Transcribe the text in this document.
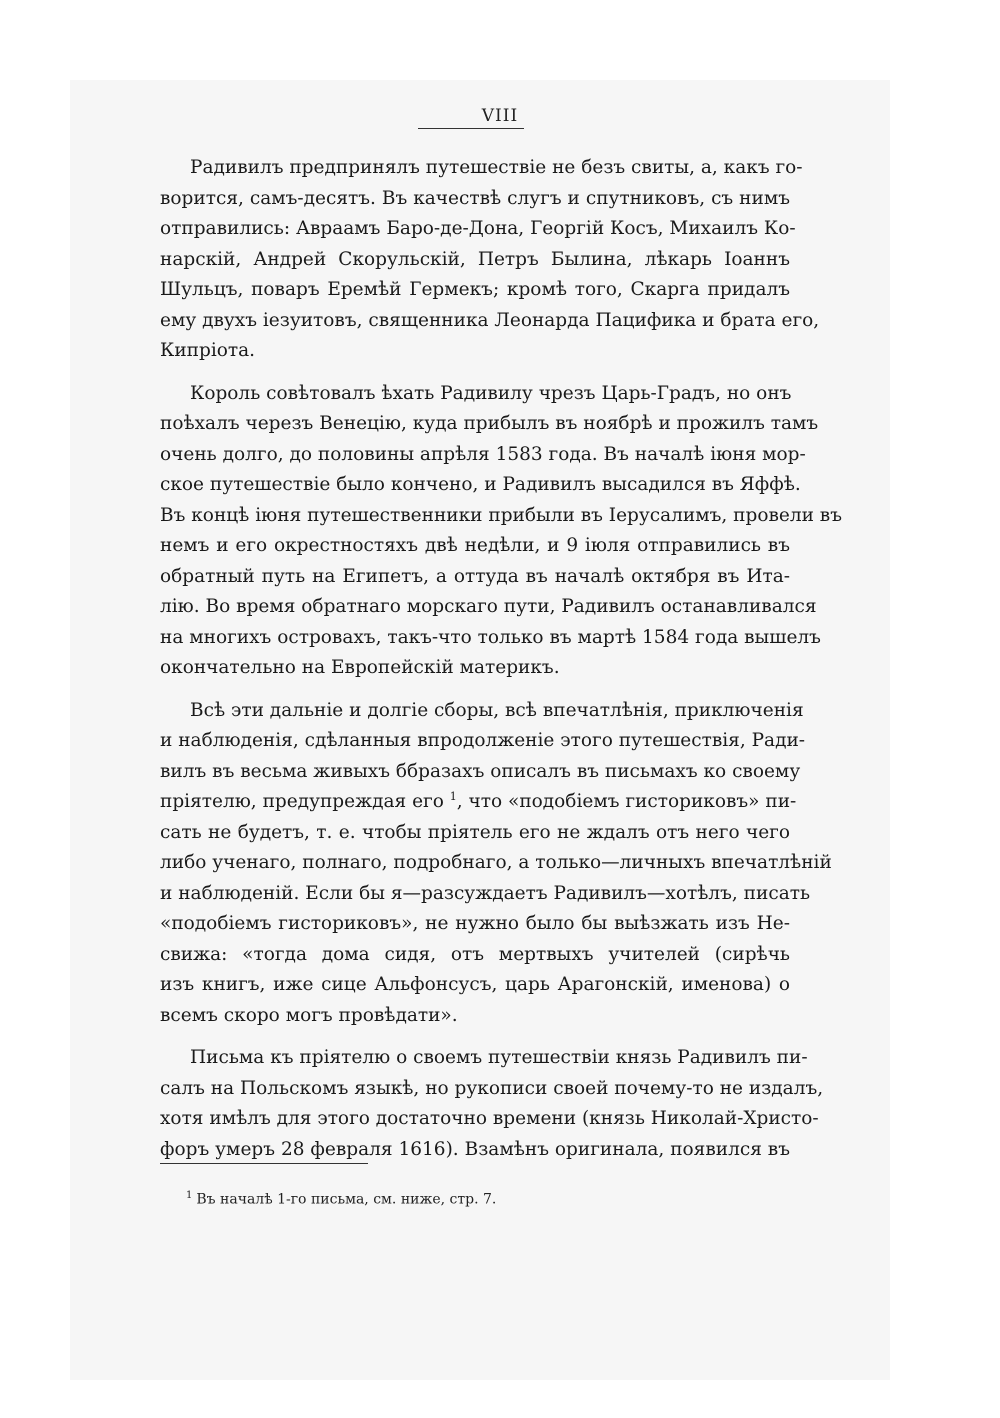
VIII
Радивилъ предпринялъ путешествіе не безъ свиты, а, какъ го-
ворится, самъ-десятъ. Въ качествѣ слугъ и спутниковъ, съ нимъ
отправились: Авраамъ Баро-де-Дона, Георгій Косъ, Михаилъ Ко-
нарскій, Андрей Скорульскій, Петръ Былина, лѣкарь Іоаннъ
Шульцъ, поваръ Еремѣй Гермекъ; кромѣ того, Скарга придалъ
ему двухъ іезуитовъ, священника Леонарда Пацифика и брата его,
Кипріота.
Король совѣтовалъ ѣхать Радивилу чрезъ Царь-Градъ, но онъ
поѣхалъ черезъ Венецію, куда прибылъ въ ноябрѣ и прожилъ тамъ
очень долго, до половины апрѣля 1583 года. Въ началѣ іюня мор-
ское путешествіе было кончено, и Радивилъ высадился въ Яффѣ.
Въ концѣ іюня путешественники прибыли въ Іерусалимъ, провели въ
немъ и его окрестностяхъ двѣ недѣли, и 9 іюля отправились въ
обратный путь на Египетъ, а оттуда въ началѣ октября въ Ита-
лію. Во время обратнаго морскаго пути, Радивилъ останавливался
на многихъ островахъ, такъ-что только въ мартѣ 1584 года вышелъ
окончательно на Европейскій материкъ.
Всѣ эти дальніе и долгіе сборы, всѣ впечатлѣнія, приключенія
и наблюденія, сдѣланныя впродолженіе этого путешествія, Ради-
вилъ въ весьма живыхъ ббразахъ описалъ въ письмахъ ко своему
пріятелю, предупреждая его $^1$, что «подобіемъ гисториковъ» пи-
сать не будетъ, т. е. чтобы пріятель его не ждалъ отъ него чего
либо ученаго, полнаго, подробнаго, а только—личныхъ впечатлѣній
и наблюденій. Если бы я—разсуждаетъ Радивилъ—хотѣлъ, писать
«подобіемъ гисториковъ», не нужно было бы выѣзжать изъ Не-
свижа: «тогда дома сидя, отъ мертвыхъ учителей (сирѣчь
изъ книгъ, иже сице Альфонсусъ, царь Арагонскій, именова) о
всемъ скоро могъ провѣдати».
Письма къ пріятелю о своемъ путешествіи князь Радивилъ пи-
салъ на Польскомъ языкѣ, но рукописи своей почему-то не издалъ,
хотя имѣлъ для этого достаточно времени (князь Николай-Христо-
форъ умеръ 28 февраля 1616). Взамѣнъ оригинала, появился въ
$^1$ Въ началѣ 1-го письма, см. ниже, стр. 7.
